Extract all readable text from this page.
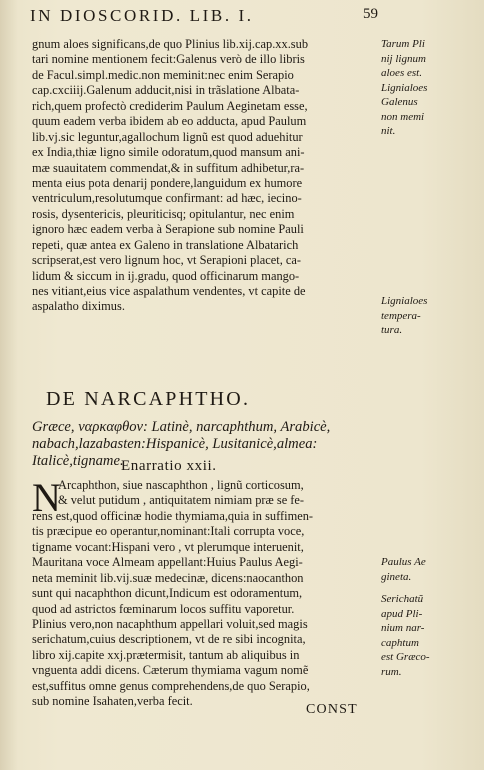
IN DIOSCORID. LIB. I.	59
gnum aloes significans,de quo Plinius lib.xij.cap.xx.sub
tari nomine mentionem fecit:Galenus verò de illo libris
de Facul.simpl.medic.non meminit:nec enim Serapio
cap.cxciiij.Galenum adducit,nisi in trãslatione Albata-
rich,quem profectò crediderim Paulum Aeginetam esse,
quum eadem verba ibidem ab eo adducta, apud Paulum
lib.vj.sic leguntur,agallochum lignũ est quod aduehitur
ex India,thiæ ligno simile odoratum,quod mansum ani-
mæ suauitatem commendat,& in suffitum adhibetur,ra-
menta eius pota denarij pondere,languidum ex humore
ventriculum,resolutumque confirmant: ad hæc, iecino-
rosis, dysentericis, pleuriticisq; opitulantur, nec enim
ignoro hæc eadem verba à Serapione sub nomine Pauli
repeti, quæ antea ex Galeno in translatione Albatarich
scripserat,est vero lignum hoc, vt Serapioni placet, ca-
lidum & siccum in ij.gradu, quod officinarum mango-
nes vitiant,eius vice aspalathum vendentes, vt capite de
aspalatho diximus.
DE NARCAPHTHO.
Græce, ναρκαφθον: Latinè, narcaphthum, Arabicè,
nabach,lazabasten:Hispanicè, Lusitanicè,almea:
Italicè,tigname.
Enarratio xxii.
N
Arcaphthon, siue nascaphthon , lignũ corticosum,
& velut putidum , antiquitatem nimiam præ se fe-
rens est,quod officinæ hodie thymiama,quia in suffimen-
tis præcipue eo operantur,nominant:Itali corrupta voce,
tigname vocant:Hispani vero , vt plerumque interuenit,
Mauritana voce Almeam appellant:Huius Paulus Aegi-
neta meminit lib.vij.suæ medecinæ, dicens:naocanthon
sunt qui nacaphthon dicunt,Indicum est odoramentum,
quod ad astrictos fœminarum locos suffitu vaporetur.
Plinius vero,non nacaphthum appellari voluit,sed magis
serichatum,cuius descriptionem, vt de re sibi incognita,
libro xij.capite xxj.prætermisit, tantum ab aliquibus in
vnguenta addi dicens. Cæterum thymiama vagum nomẽ
est,suffitus omne genus comprehendens,de quo Serapio,
sub nomine Isahaten,verba fecit.
CONST
Tarum Pli
nij lignum
aloes est.
Lignialoes
Galenus
non memi
nit.
Lignialoes
tempera-
tura.
Paulus Ae
gineta.
Serichatũ
apud Pli-
nium nar-
caphtum
est Græco-
rum.
